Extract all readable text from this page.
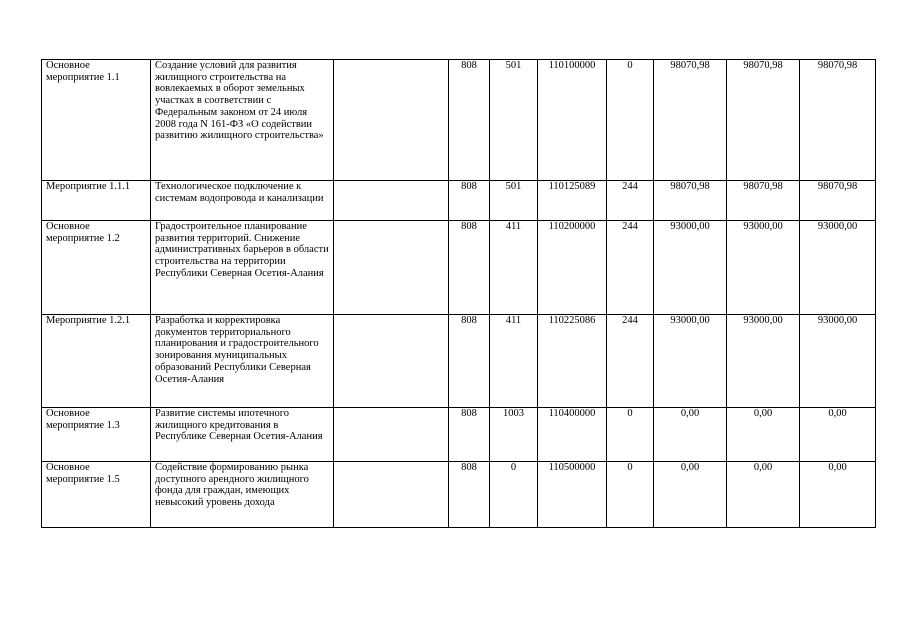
Основное мероприятие 1.1	Создание условий для развития жилищного строительства на вовлекаемых в оборот земельных участках в соответствии с Федеральным законом от 24 июля 2008 года N 161-ФЗ «О содействии развитию жилищного строительства»		808	501	110100000	0	98070,98	98070,98	98070,98
Мероприятие 1.1.1	Технологическое подключение к системам водопровода и канализации		808	501	110125089	244	98070,98	98070,98	98070,98
Основное мероприятие 1.2	Градостроительное планирование развития территорий. Снижение административных барьеров в области строительства на территории Республики Северная Осетия-Алания		808	411	110200000	244	93000,00	93000,00	93000,00
Мероприятие 1.2.1	Разработка и корректировка документов территориального планирования и градостроительного зонирования муниципальных образований Республики Северная Осетия-Алания		808	411	110225086	244	93000,00	93000,00	93000,00
Основное мероприятие 1.3	Развитие системы ипотечного жилищного кредитования в Республике Северная Осетия-Алания		808	1003	110400000	0	0,00	0,00	0,00
Основное мероприятие 1.5	Содействие формированию рынка доступного арендного жилищного фонда для граждан, имеющих невысокий уровень дохода		808	0	110500000	0	0,00	0,00	0,00
